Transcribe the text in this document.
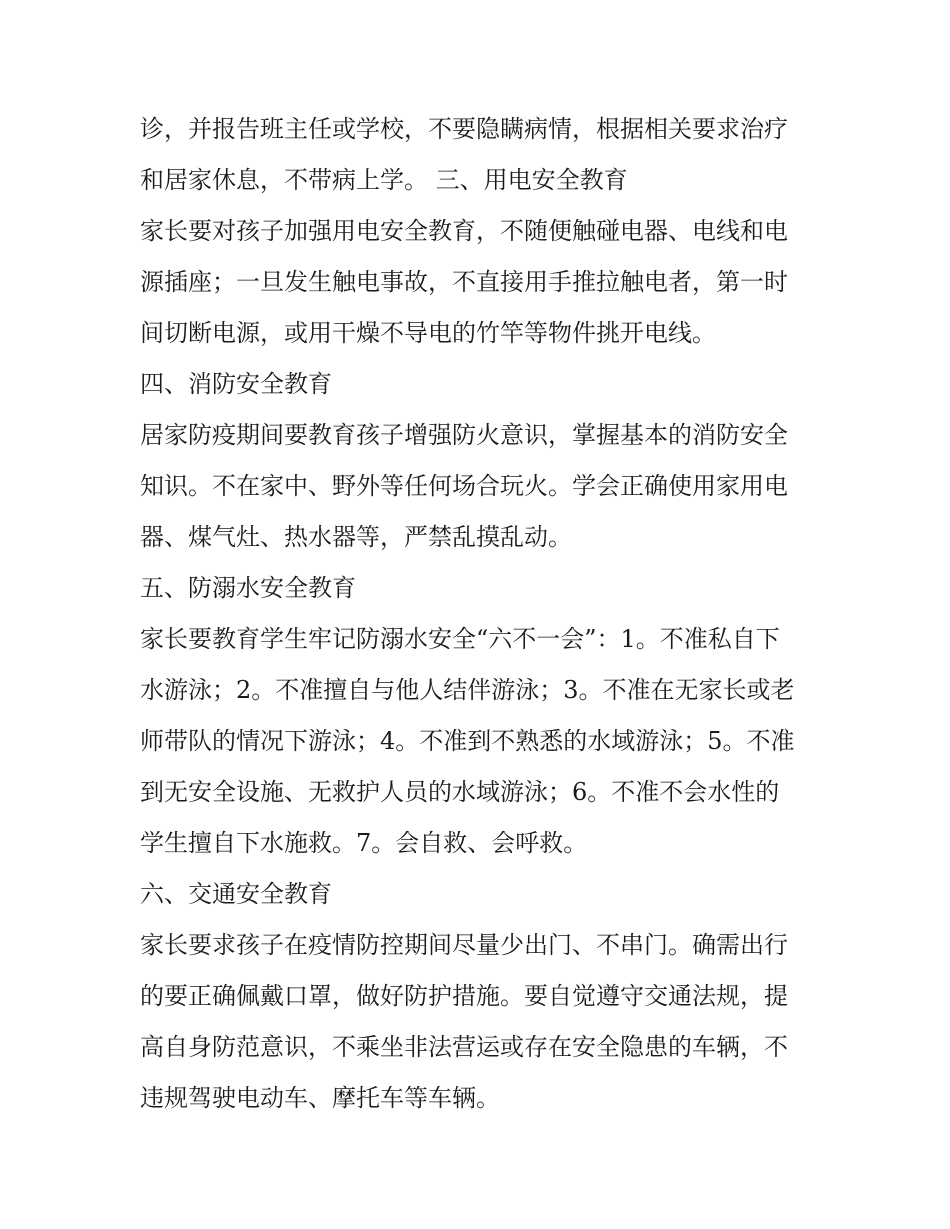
诊，并报告班主任或学校，不要隐瞒病情，根据相关要求治疗
和居家休息，不带病上学。 三、用电安全教育
家长要对孩子加强用电安全教育，不随便触碰电器、电线和电
源插座；一旦发生触电事故，不直接用手推拉触电者，第一时
间切断电源，或用干燥不导电的竹竿等物件挑开电线。
四、消防安全教育
居家防疫期间要教育孩子增强防火意识，掌握基本的消防安全
知识。不在家中、野外等任何场合玩火。学会正确使用家用电
器、煤气灶、热水器等，严禁乱摸乱动。
五、防溺水安全教育
家长要教育学生牢记防溺水安全“六不一会”：1。不准私自下
水游泳；2。不准擅自与他人结伴游泳；3。不准在无家长或老
师带队的情况下游泳；4。不准到不熟悉的水域游泳；5。不准
到无安全设施、无救护人员的水域游泳；6。不准不会水性的
学生擅自下水施救。7。会自救、会呼救。
六、交通安全教育
家长要求孩子在疫情防控期间尽量少出门、不串门。确需出行
的要正确佩戴口罩，做好防护措施。要自觉遵守交通法规，提
高自身防范意识，不乘坐非法营运或存在安全隐患的车辆，不
违规驾驶电动车、摩托车等车辆。
